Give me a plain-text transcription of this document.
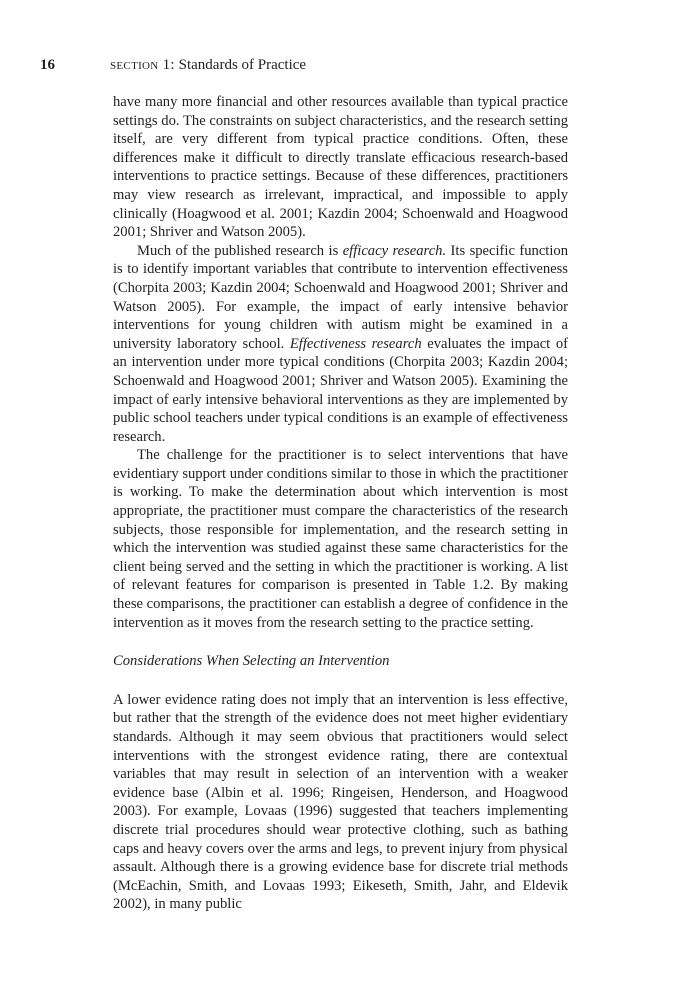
16	section 1: Standards of Practice

have many more financial and other resources available than typical practice settings do. The constraints on subject characteristics, and the research setting itself, are very different from typical practice conditions. Often, these differences make it difficult to directly translate efficacious research-based interventions to practice settings. Because of these differences, practitioners may view research as irrelevant, impractical, and impossible to apply clinically (Hoagwood et al. 2001; Kazdin 2004; Schoenwald and Hoagwood 2001; Shriver and Watson 2005).

Much of the published research is efficacy research. Its specific function is to identify important variables that contribute to intervention effectiveness (Chorpita 2003; Kazdin 2004; Schoenwald and Hoagwood 2001; Shriver and Watson 2005). For example, the impact of early intensive behavior interventions for young children with autism might be examined in a university laboratory school. Effectiveness research evaluates the impact of an intervention under more typical conditions (Chorpita 2003; Kazdin 2004; Schoenwald and Hoagwood 2001; Shriver and Watson 2005). Examining the impact of early intensive behavioral interventions as they are implemented by public school teachers under typical conditions is an example of effectiveness research.

The challenge for the practitioner is to select interventions that have evidentiary support under conditions similar to those in which the practitioner is working. To make the determination about which intervention is most appropriate, the practitioner must compare the characteristics of the research subjects, those responsible for implementation, and the research setting in which the intervention was studied against these same characteristics for the client being served and the setting in which the practitioner is working. A list of relevant features for comparison is presented in Table 1.2. By making these comparisons, the practitioner can establish a degree of confidence in the intervention as it moves from the research setting to the practice setting.

Considerations When Selecting an Intervention

A lower evidence rating does not imply that an intervention is less effective, but rather that the strength of the evidence does not meet higher evidentiary standards. Although it may seem obvious that practitioners would select interventions with the strongest evidence rating, there are contextual variables that may result in selection of an intervention with a weaker evidence base (Albin et al. 1996; Ringeisen, Henderson, and Hoagwood 2003). For example, Lovaas (1996) suggested that teachers implementing discrete trial procedures should wear protective clothing, such as bathing caps and heavy covers over the arms and legs, to prevent injury from physical assault. Although there is a growing evidence base for discrete trial methods (McEachin, Smith, and Lovaas 1993; Eikeseth, Smith, Jahr, and Eldevik 2002), in many public
